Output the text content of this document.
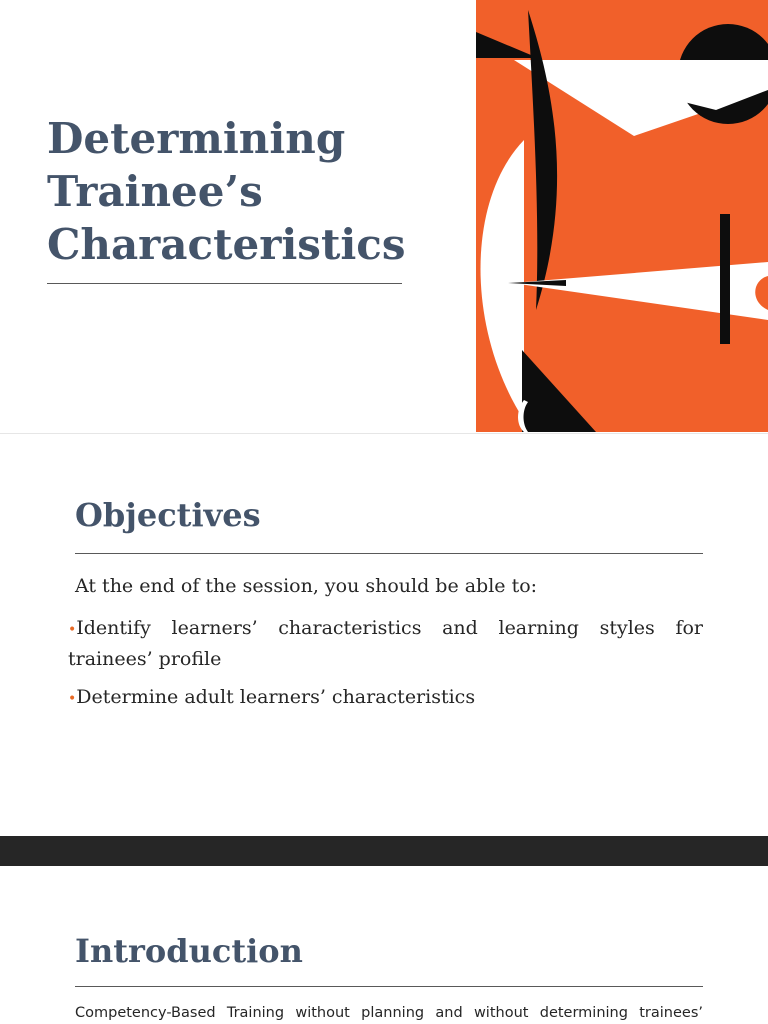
Determining
Trainee’s
Characteristics
Objectives

At the end of the session, you should be able to:

•Identify learners’ characteristics and learning styles for trainees’ profile

•Determine adult learners’ characteristics

Introduction

Competency-Based Training without planning and without determining trainees’
